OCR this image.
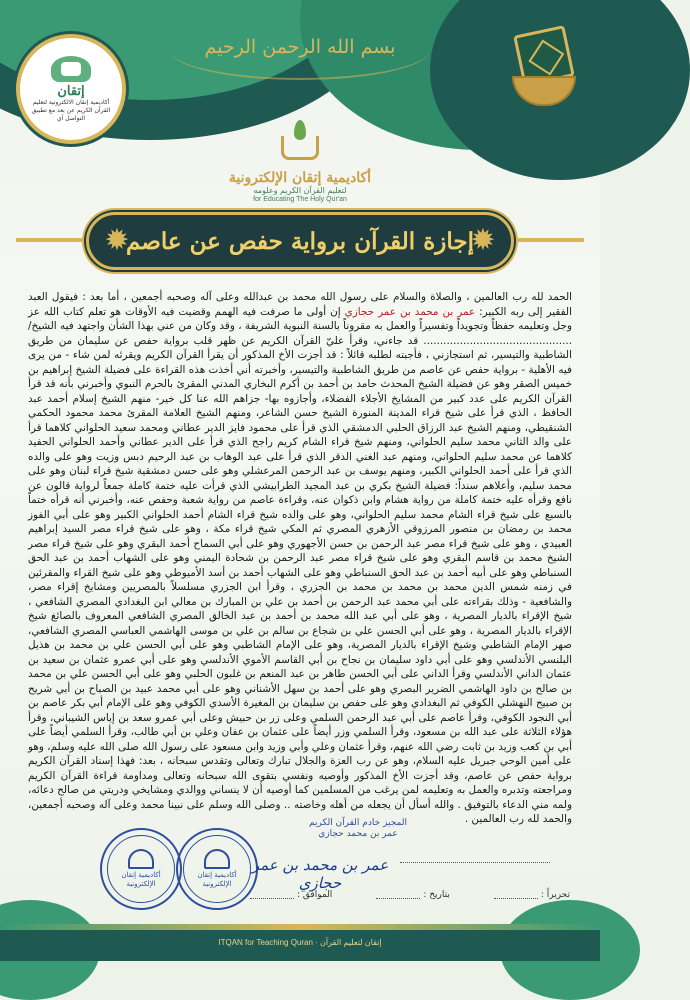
إتقان
أكاديمية إتقان الالكترونية لتعليم القرآن الكريم عن بعد مع تطبيق التواصل آي
بسم الله الرحمن الرحيم
أكاديمية إتقان الإلكترونية
لتعليم القرآن الكريم وعلومه
for Educating The Holy Qur'an
إجازة القرآن برواية حفص عن عاصم
✹	✹

الحمد لله رب العالمين ، والصلاة والسلام على رسول الله محمد بن عبدالله وعلى آله وصحبه أجمعين ، أما بعد : فيقول العبد الفقير إلى ربه الكبير: عمر بن محمد بن عمر حجازي إن أولى ما صرفت فيه الهمم وقضيت فيه الأوقات هو تعلم كتاب الله عز وجل وتعليمه حفظاً وتجويداً وتفسيراً والعمل به مقروناً بالسنة النبوية الشريفة ، وقد وكان من عني بهذا الشأن واجتهد فيه الشيخ/ ............................................. قد جاءني، وقرأ عليّ القرآن الكريم عن ظهر قلب برواية حفص عن سليمان من طريق الشاطبية والتيسير، ثم استجازني ، فأجبته لطلبه قائلاً : قد أجزت الأخ المذكور أن يقرأ القرآن الكريم ويقرئه لمن شاء - من يرى فيه الأهلية - برواية حفص عن عاصم من طريق الشاطبية والتيسير، وأخبرته أني أخذت هذه القراءة على فضيلة الشيخ إبراهيم بن خميس الصقر وهو عن فضيلة الشيخ المحدث حامد بن أحمد بن أكرم البخاري المدني المقرئ بالحرم النبوي وأخبرني بأنه قد قرأ القرآن الكريم على عدد كبير من المشايخ الأجلاء الفضلاء، وأجازوه بها- جزاهم الله عنا كل خير- منهم الشيخ إسلام أحمد عبد الحافظ ، الذي قرأ على شيخ قراء المدينة المنورة الشيخ حسن الشاعر، ومنهم الشيخ العلامة المقرئ محمد محمود الحكمي الشنقيطي، ومنهم الشيخ عبد الرزاق الحلبي الدمشقي الذي قرأ على محمود فايز الدير عطاني ومحمد سعيد الحلواني كلاهما قرأ على والد الثاني محمد سليم الحلواني، ومنهم شيخ قراء الشام كريم راجح الذي قرأ على الدير عطاني وأحمد الحلواني الحفيد كلاهما عن محمد سليم الحلواني، ومنهم عبد الغني الدقر الذي قرأ على عبد الوهاب بن عبد الرحيم دبس وزيت وهو على والده الذي قرأ على أحمد الحلواني الكبير، ومنهم يوسف بن عبد الرحمن المرعشلي وهو على حسن دمشقية شيخ قراء لبنان وهو على محمد سليم، وأعلاهم سنداً: فضيلة الشيخ بكري بن عبد المجيد الطرابيشي الذي قرأت عليه ختمة كاملة جمعاً لرواية قالون عن نافع وقرأه عليه ختمة كاملة من رواية هشام وابن ذكوان عنه، وقراءة عاصم من رواية شعبة وحفص عنه، وأخبرني أنه قرأه ختماً بالسبع على شيخ قراء الشام محمد سليم الحلواني، وهو على والده شيخ قراء الشام أحمد الحلواني الكبير وهو على أبي الفوز محمد بن رمضان بن منصور المرزوقي الأزهري المصري ثم المكي شيخ قراء مكة ، وهو على شيخ قراء مصر السيد إبراهيم العبيدي ، وهو على شيخ قراء مصر عبد الرحمن بن حسن الأجهوري وهو على أبي السماح أحمد البقري وهو على شيخ قراء مصر الشيخ محمد بن قاسم البقري وهو على شيخ قراء مصر عبد الرحمن بن شحادة اليمني وهو على الشهاب أحمد بن عبد الحق السنباطي وهو على أبيه أحمد بن عبد الحق السنباطي وهو على الشهاب أحمد بن أسد الأميوطي وهو على شيخ القراء والمقرئين في زمنه شمس الدين محمد بن محمد بن محمد بن الجزري ، وقرأ ابن الجزري مسلسلاً بالمصريين ومشايخ إقراء مصر، والشافعية - وذلك بقراءته على أبي محمد عبد الرحمن بن أحمد بن علي بن المبارك بن معالي ابن البغدادي المصري الشافعي ، شيخ الإقراء بالديار المصرية ، وهو على أبي عبد الله محمد بن أحمد بن عبد الخالق المصري الشافعي المعروف بالصائغ شيخ الإقراء بالديار المصرية ، وهو على أبي الحسن علي بن شجاع بن سالم بن علي بن موسى الهاشمي العباسي المصري الشافعي، صهر الإمام الشاطبي وشيخ الإقراء بالديار المصرية، وهو على الإمام الشاطبي وهو على أبي الحسن علي بن محمد بن هذيل البلنسي الأندلسي وهو على أبي داود سليمان بن نجاح بن أبي القاسم الأموي الأندلسي وهو على أبي عمرو عثمان بن سعيد بن عثمان الداني الأندلسي وقرأ الداني على أبي الحسن طاهر بن عبد المنعم بن غلبون الحلبي وهو على أبي الحسن علي بن محمد بن صالح بن داود الهاشمي الضرير البصري وهو على أحمد بن سهل الأشناني وهو على أبي محمد عبيد بن الصباح بن أبي شريح بن صبيح النهشلي الكوفي ثم البغدادي وهو على حفص بن سليمان بن المغيرة الأسدي الكوفي وهو على الإمام أبي بكر عاصم بن أبي النجود الكوفي، وقرأ عاصم على أبي عبد الرحمن السلمي وعلى زر بن حبيش وعلى أبي عمرو سعد بن إياس الشيباني، وقرأ هؤلاء الثلاثة على عبد الله بن مسعود، وقرأ السلمي وزر أيضاً على عثمان بن عفان وعلي بن أبي طالب، وقرأ السلمي أيضاً على أبي بن كعب وزيد بن ثابت رضي الله عنهم، وقرأ عثمان وعلي وأبي وزيد وابن مسعود على رسول الله صلى الله عليه وسلم، وهو على أمين الوحي جبريل عليه السلام، وهو عن رب العزة والجلال تبارك وتعالى وتقدس سبحانه ، بعد: فهذا إسناد القرآن الكريم برواية حفص عن عاصم، وقد أجزت الأخ المذكور وأوصيه ونفسي بتقوى الله سبحانه وتعالى ومداومة قراءة القرآن الكريم ومراجعته وتدبره والعمل به وتعليمه لمن يرغب من المسلمين كما أوصيه أن لا ينساني ووالدي ومشايخي ودريتي من صالح دعائه، ولمه مني الدعاء بالتوفيق . والله أسأل أن يجعله من أهله وخاصته .. وصلى الله وسلم على نبينا محمد وعلى آله وصحبه أجمعين، والحمد لله رب العالمين .

أكاديمية إتقان الإلكترونية
أكاديمية إتقان الإلكترونية
المجيز خادم القرآن الكريم عمر بن محمد حجازي
عمر بن محمد بن عمر حجازي
تحريراً :
بتاريخ :
الموافق :
ITQAN for Teaching Quran · إتقان لتعليم القرآن
